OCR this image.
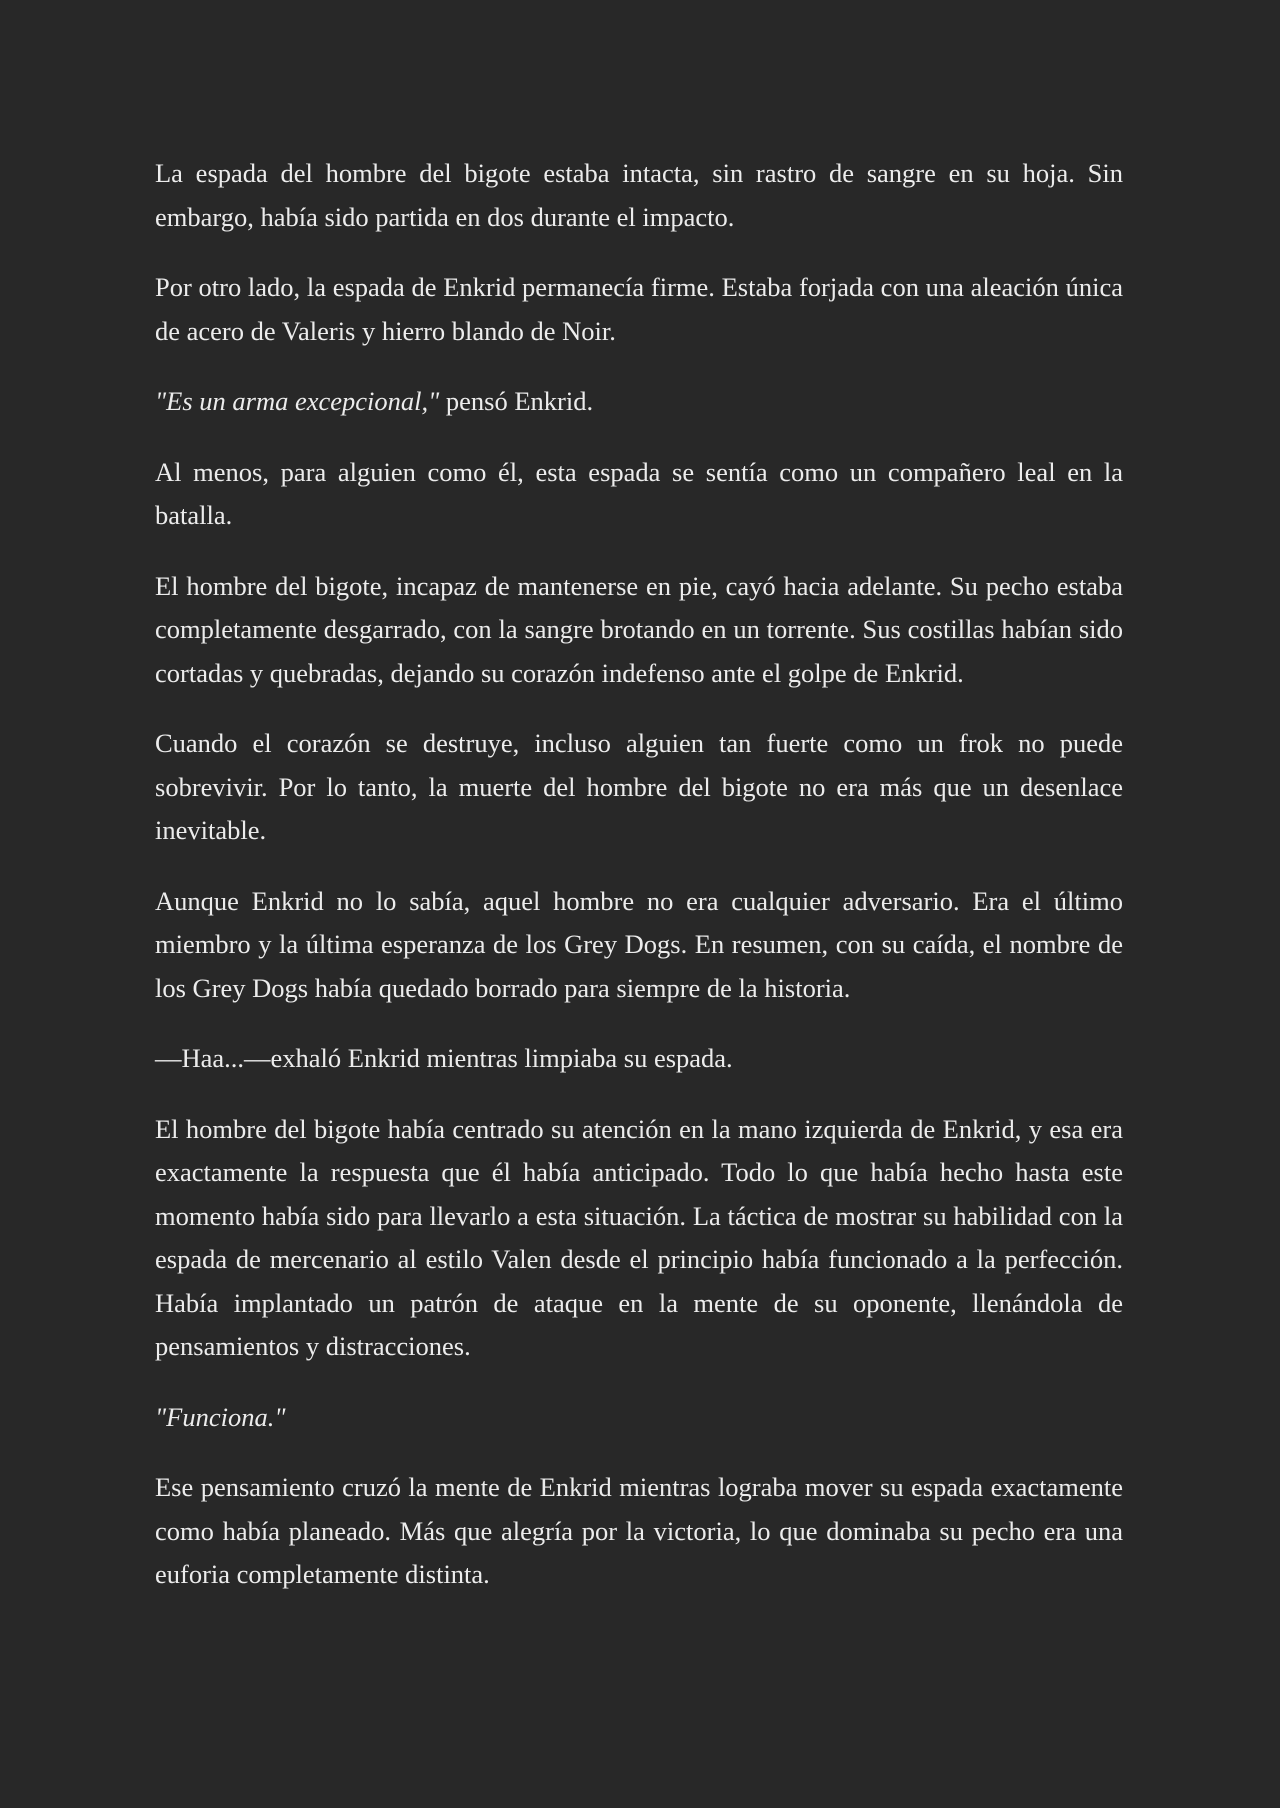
La espada del hombre del bigote estaba intacta, sin rastro de sangre en su hoja. Sin embargo, había sido partida en dos durante el impacto.

Por otro lado, la espada de Enkrid permanecía firme. Estaba forjada con una aleación única de acero de Valeris y hierro blando de Noir.

"Es un arma excepcional," pensó Enkrid.

Al menos, para alguien como él, esta espada se sentía como un compañero leal en la batalla.

El hombre del bigote, incapaz de mantenerse en pie, cayó hacia adelante. Su pecho estaba completamente desgarrado, con la sangre brotando en un torrente. Sus costillas habían sido cortadas y quebradas, dejando su corazón indefenso ante el golpe de Enkrid.

Cuando el corazón se destruye, incluso alguien tan fuerte como un frok no puede sobrevivir. Por lo tanto, la muerte del hombre del bigote no era más que un desenlace inevitable.

Aunque Enkrid no lo sabía, aquel hombre no era cualquier adversario. Era el último miembro y la última esperanza de los Grey Dogs. En resumen, con su caída, el nombre de los Grey Dogs había quedado borrado para siempre de la historia.

—Haa...—exhaló Enkrid mientras limpiaba su espada.

El hombre del bigote había centrado su atención en la mano izquierda de Enkrid, y esa era exactamente la respuesta que él había anticipado. Todo lo que había hecho hasta este momento había sido para llevarlo a esta situación. La táctica de mostrar su habilidad con la espada de mercenario al estilo Valen desde el principio había funcionado a la perfección. Había implantado un patrón de ataque en la mente de su oponente, llenándola de pensamientos y distracciones.

"Funciona."

Ese pensamiento cruzó la mente de Enkrid mientras lograba mover su espada exactamente como había planeado. Más que alegría por la victoria, lo que dominaba su pecho era una euforia completamente distinta.
